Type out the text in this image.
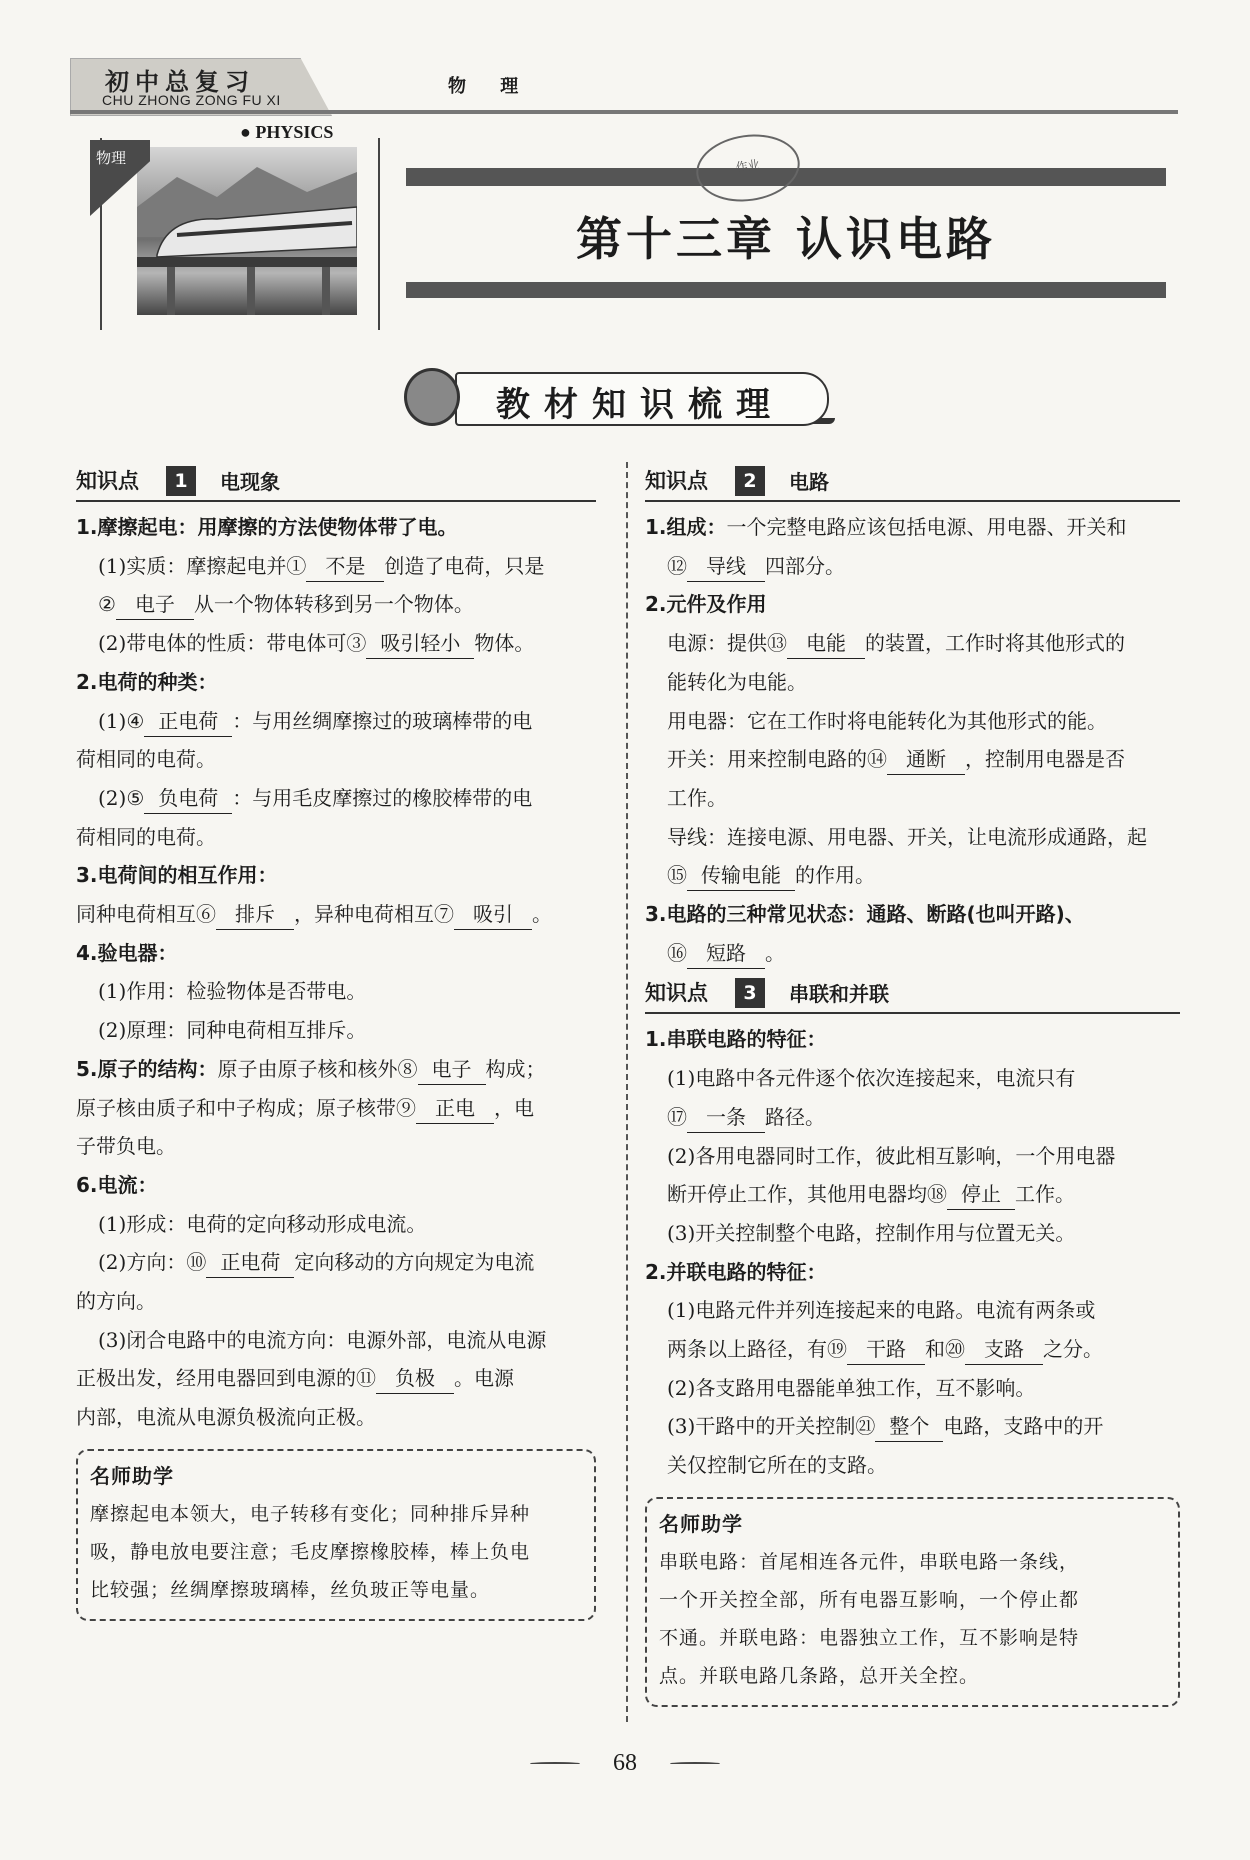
初中总复习
CHU ZHONG ZONG FU XI
物 理
● PHYSICS
物理	作业
第十三章 认识电路
教材知识梳理
知识点	1	电现象
1.摩擦起电：用摩擦的方法使物体带了电。
(1)实质：摩擦起电并① 不是 创造了电荷，只是
② 电子 从一个物体转移到另一个物体。
(2)带电体的性质：带电体可③ 吸引轻小 物体。
2.电荷的种类：
(1)④ 正电荷 ：与用丝绸摩擦过的玻璃棒带的电
荷相同的电荷。
(2)⑤ 负电荷 ：与用毛皮摩擦过的橡胶棒带的电
荷相同的电荷。
3.电荷间的相互作用：
同种电荷相互⑥ 排斥 ，异种电荷相互⑦ 吸引 。
4.验电器：
(1)作用：检验物体是否带电。
(2)原理：同种电荷相互排斥。
5.原子的结构：原子由原子核和核外⑧ 电子 构成；
原子核由质子和中子构成；原子核带⑨ 正电 ，电
子带负电。
6.电流：
(1)形成：电荷的定向移动形成电流。
(2)方向：⑩ 正电荷 定向移动的方向规定为电流
的方向。
(3)闭合电路中的电流方向：电源外部，电流从电源
正极出发，经用电器回到电源的⑪ 负极 。电源
内部，电流从电源负极流向正极。
名师助学
摩擦起电本领大，电子转移有变化；同种排斥异种
吸，静电放电要注意；毛皮摩擦橡胶棒，棒上负电
比较强；丝绸摩擦玻璃棒，丝负玻正等电量。
知识点	2	电路
1.组成：一个完整电路应该包括电源、用电器、开关和
⑫ 导线 四部分。
2.元件及作用
电源：提供⑬ 电能 的装置，工作时将其他形式的
能转化为电能。
用电器：它在工作时将电能转化为其他形式的能。
开关：用来控制电路的⑭ 通断 ，控制用电器是否
工作。
导线：连接电源、用电器、开关，让电流形成通路，起
⑮ 传输电能 的作用。
3.电路的三种常见状态：通路、断路(也叫开路)、
⑯ 短路 。
知识点	3	串联和并联
1.串联电路的特征：
(1)电路中各元件逐个依次连接起来，电流只有
⑰ 一条 路径。
(2)各用电器同时工作，彼此相互影响，一个用电器
断开停止工作，其他用电器均⑱ 停止 工作。
(3)开关控制整个电路，控制作用与位置无关。
2.并联电路的特征：
(1)电路元件并列连接起来的电路。电流有两条或
两条以上路径，有⑲ 干路 和⑳ 支路 之分。
(2)各支路用电器能单独工作，互不影响。
(3)干路中的开关控制㉑ 整个 电路，支路中的开
关仅控制它所在的支路。
名师助学
串联电路：首尾相连各元件，串联电路一条线，
一个开关控全部，所有电器互影响，一个停止都
不通。并联电路：电器独立工作，互不影响是特
点。并联电路几条路，总开关全控。
68
